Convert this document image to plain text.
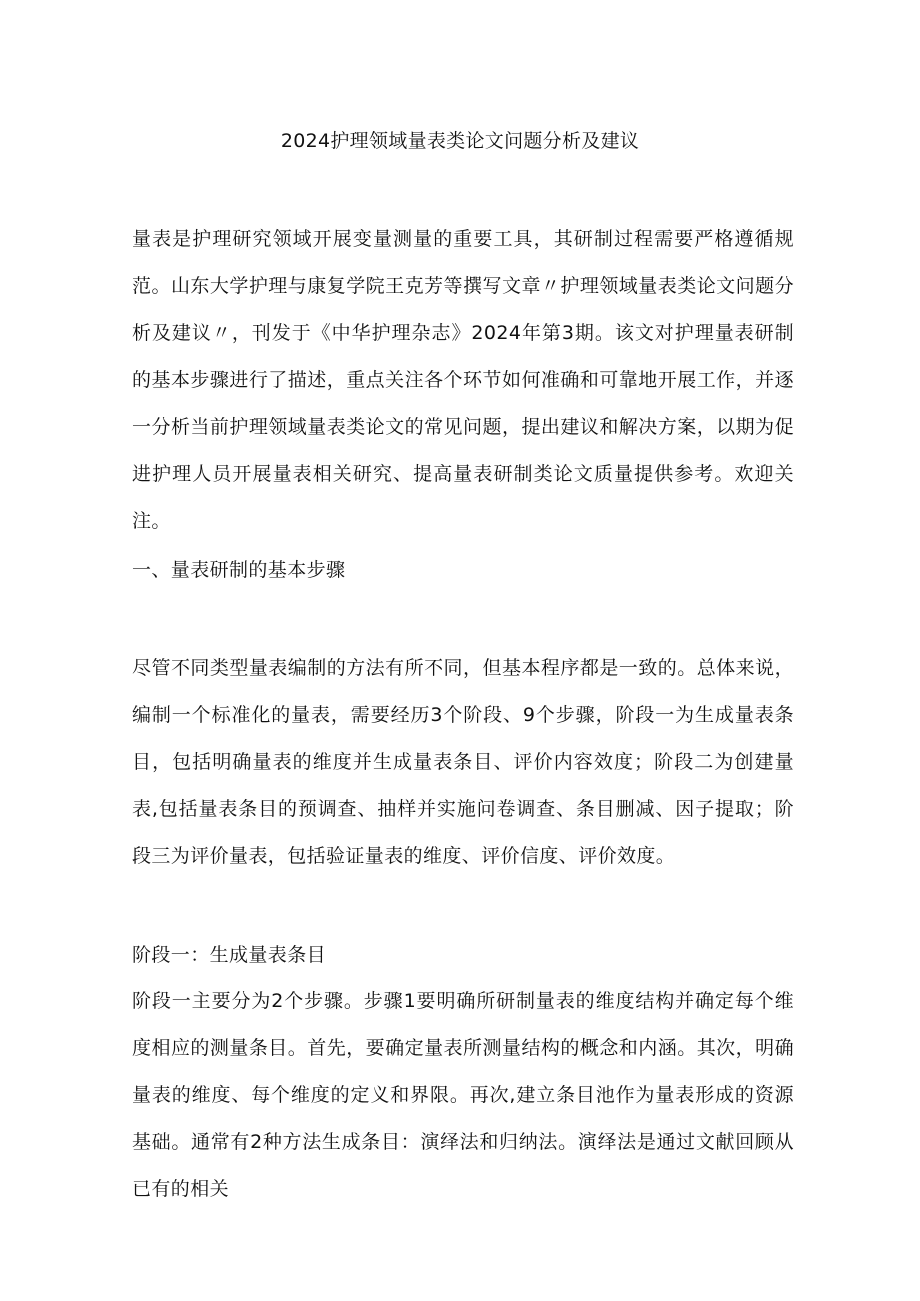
2024护理领域量表类论文问题分析及建议
量表是护理研究领域开展变量测量的重要工具，其研制过程需要严格遵循规范。山东大学护理与康复学院王克芳等撰写文章〃护理领域量表类论文问题分析及建议〃，刊发于《中华护理杂志》2024年第3期。该文对护理量表研制的基本步骤进行了描述，重点关注各个环节如何准确和可靠地开展工作，并逐一分析当前护理领域量表类论文的常见问题，提出建议和解决方案，以期为促进护理人员开展量表相关研究、提高量表研制类论文质量提供参考。欢迎关注。
一、量表研制的基本步骤
尽管不同类型量表编制的方法有所不同，但基本程序都是一致的。总体来说，编制一个标准化的量表，需要经历3个阶段、9个步骤，阶段一为生成量表条目，包括明确量表的维度并生成量表条目、评价内容效度；阶段二为创建量表,包括量表条目的预调查、抽样并实施问卷调查、条目删减、因子提取；阶段三为评价量表，包括验证量表的维度、评价信度、评价效度。
阶段一：生成量表条目
阶段一主要分为2个步骤。步骤1要明确所研制量表的维度结构并确定每个维度相应的测量条目。首先，要确定量表所测量结构的概念和内涵。其次，明确量表的维度、每个维度的定义和界限。再次,建立条目池作为量表形成的资源基础。通常有2种方法生成条目：演绎法和归纳法。演绎法是通过文献回顾从已有的相关
